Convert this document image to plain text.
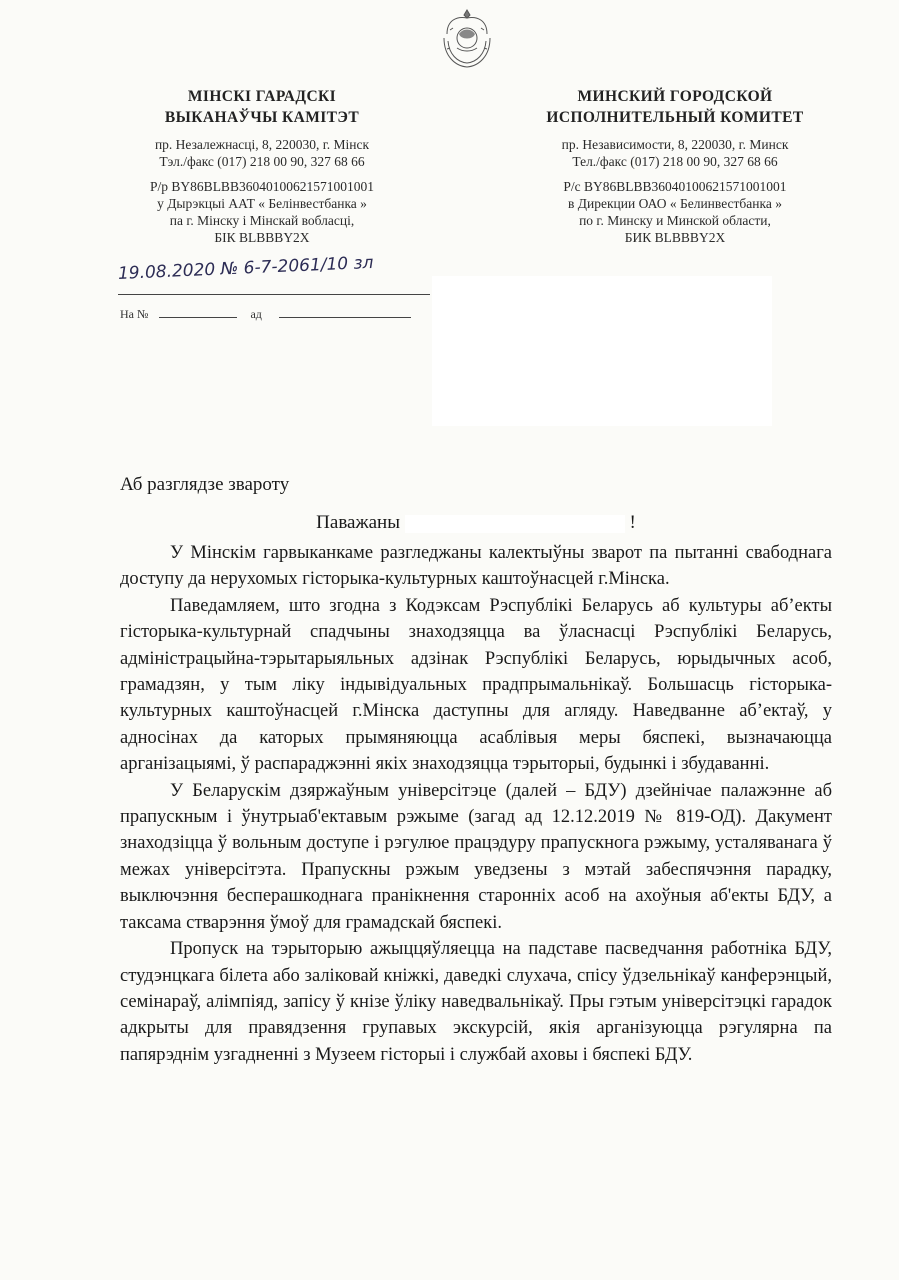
МІНСКІ ГАРАДСКІ
ВЫКАНАЎЧЫ КАМІТЭТ
пр. Незалежнасці, 8, 220030, г. Мінск
Тэл./факс (017) 218 00 90, 327 68 66
Р/р BY86BLBB36040100621571001001
у Дырэкцыі ААТ « Белінвестбанка »
па г. Мінску і Мінскай вобласці,
БІК BLBBBY2X
МИНСКИЙ ГОРОДСКОЙ
ИСПОЛНИТЕЛЬНЫЙ КОМИТЕТ
пр. Независимости, 8, 220030, г. Минск
Тел./факс (017) 218 00 90, 327 68 66
Р/с BY86BLBB36040100621571001001
в Дирекции ОАО « Белинвестбанка »
по г. Минску и Минской области,
БИК BLBBBY2X
19.08.2020 № 6-7-2061/10 зл
На №	ад
Аб разглядзе звароту
Паважаны	!

У Мінскім гарвыканкаме разгледжаны калектыўны зварот па пытанні свабоднага доступу да нерухомых гісторыка-культурных каштоўнасцей г.Мінска.

Паведамляем, што згодна з Кодэксам Рэспублікі Беларусь аб культуры аб’екты гісторыка-культурнай спадчыны знаходзяцца ва ўласнасці Рэспублікі Беларусь, адміністрацыйна-тэрытарыяльных адзінак Рэспублікі Беларусь, юрыдычных асоб, грамадзян, у тым ліку індывідуальных прадпрымальнікаў. Большасць гісторыка-культурных каштоўнасцей г.Мінска даступны для агляду. Наведванне аб’ектаў, у адносінах да каторых прымяняюцца асаблівыя меры бяспекі, вызначаюцца арганізацыямі, ў распараджэнні якіх знаходзяцца тэрыторыі, будынкі і збудаванні.

У Беларускім дзяржаўным універсітэце (далей – БДУ) дзейнічае палажэнне аб прапускным і ўнутрыаб'ектавым рэжыме (загад ад 12.12.2019 № 819-ОД). Дакумент знаходзіцца ў вольным доступе і рэгулюе працэдуру прапускнога рэжыму, усталяванага ў межах універсітэта. Прапускны рэжым уведзены з мэтай забеспячэння парадку, выключэння бесперашкоднага пранікнення старонніх асоб на ахоўныя аб'екты БДУ, а таксама стварэння ўмоў для грамадскай бяспекі.

Пропуск на тэрыторыю ажыццяўляецца на падставе пасведчання работніка БДУ, студэнцкага білета або заліковай кніжкі, даведкі слухача, спісу ўдзельнікаў канферэнцый, семінараў, алімпіяд, запісу ў кнізе ўліку наведвальнікаў. Пры гэтым універсітэцкі гарадок адкрыты для правядзення групавых экскурсій, якія арганізуюцца рэгулярна па папярэднім узгадненні з Музеем гісторыі і службай аховы і бяспекі БДУ.
